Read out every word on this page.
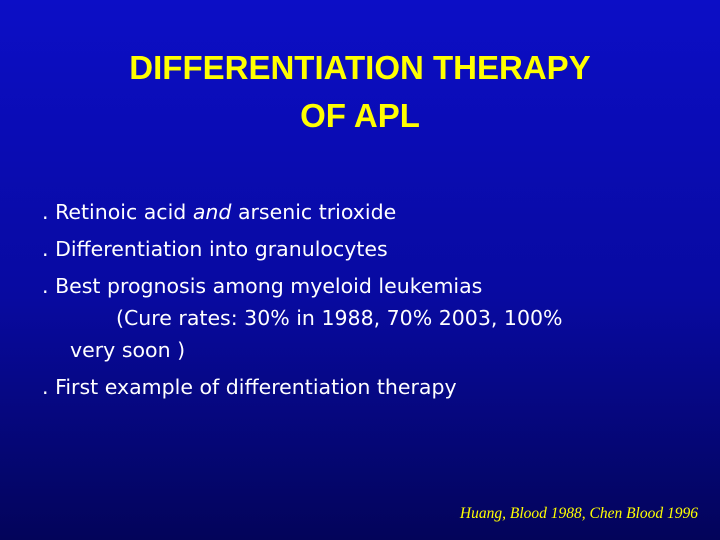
DIFFERENTIATION THERAPY
OF APL
. Retinoic acid and arsenic trioxide
. Differentiation into granulocytes
. Best prognosis among myeloid leukemias
(Cure rates: 30% in 1988, 70% 2003, 100%
very soon )
. First example of differentiation therapy

Huang, Blood 1988, Chen Blood 1996
